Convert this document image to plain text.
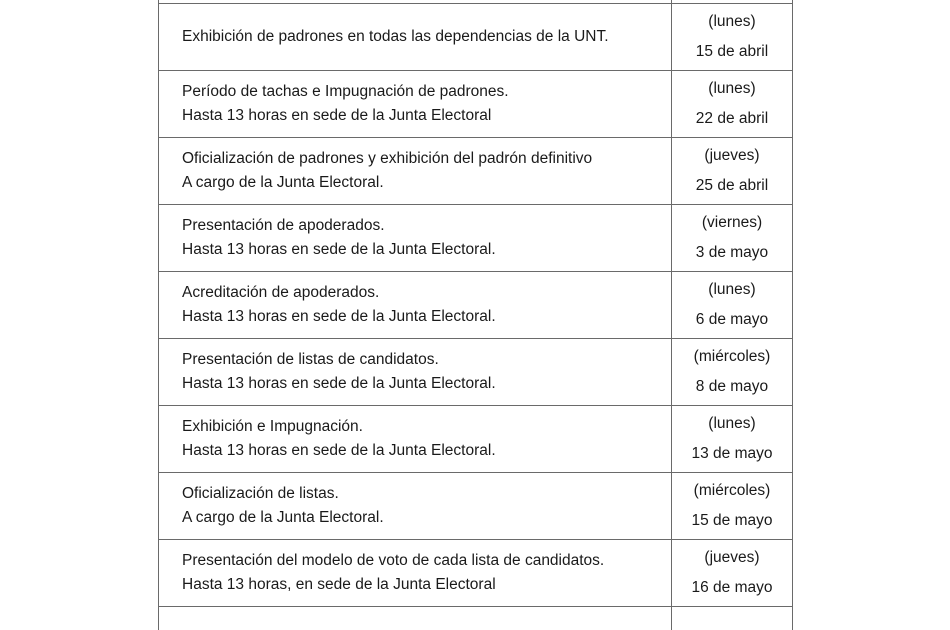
Exhibición de padrones en todas las dependencias de la UNT.	(lunes)
15 de abril

Período de tachas e Impugnación de padrones.
Hasta 13 horas en sede de la Junta Electoral	(lunes)
22 de abril

Oficialización de padrones y exhibición del padrón definitivo
A cargo de la Junta Electoral.	(jueves)
25 de abril

Presentación de apoderados.
Hasta 13 horas en sede de la Junta Electoral.	(viernes)
3 de mayo

Acreditación de apoderados.
Hasta 13 horas en sede de la Junta Electoral.	(lunes)
6 de mayo

Presentación de listas de candidatos.
Hasta 13 horas en sede de la Junta Electoral.	(miércoles)
8 de mayo

Exhibición e Impugnación.
Hasta 13 horas en sede de la Junta Electoral.	(lunes)
13 de mayo

Oficialización de listas.
A cargo de la Junta Electoral.	(miércoles)
15 de mayo

Presentación del modelo de voto de cada lista de candidatos.
Hasta 13 horas, en sede de la Junta Electoral	(jueves)
16 de mayo
